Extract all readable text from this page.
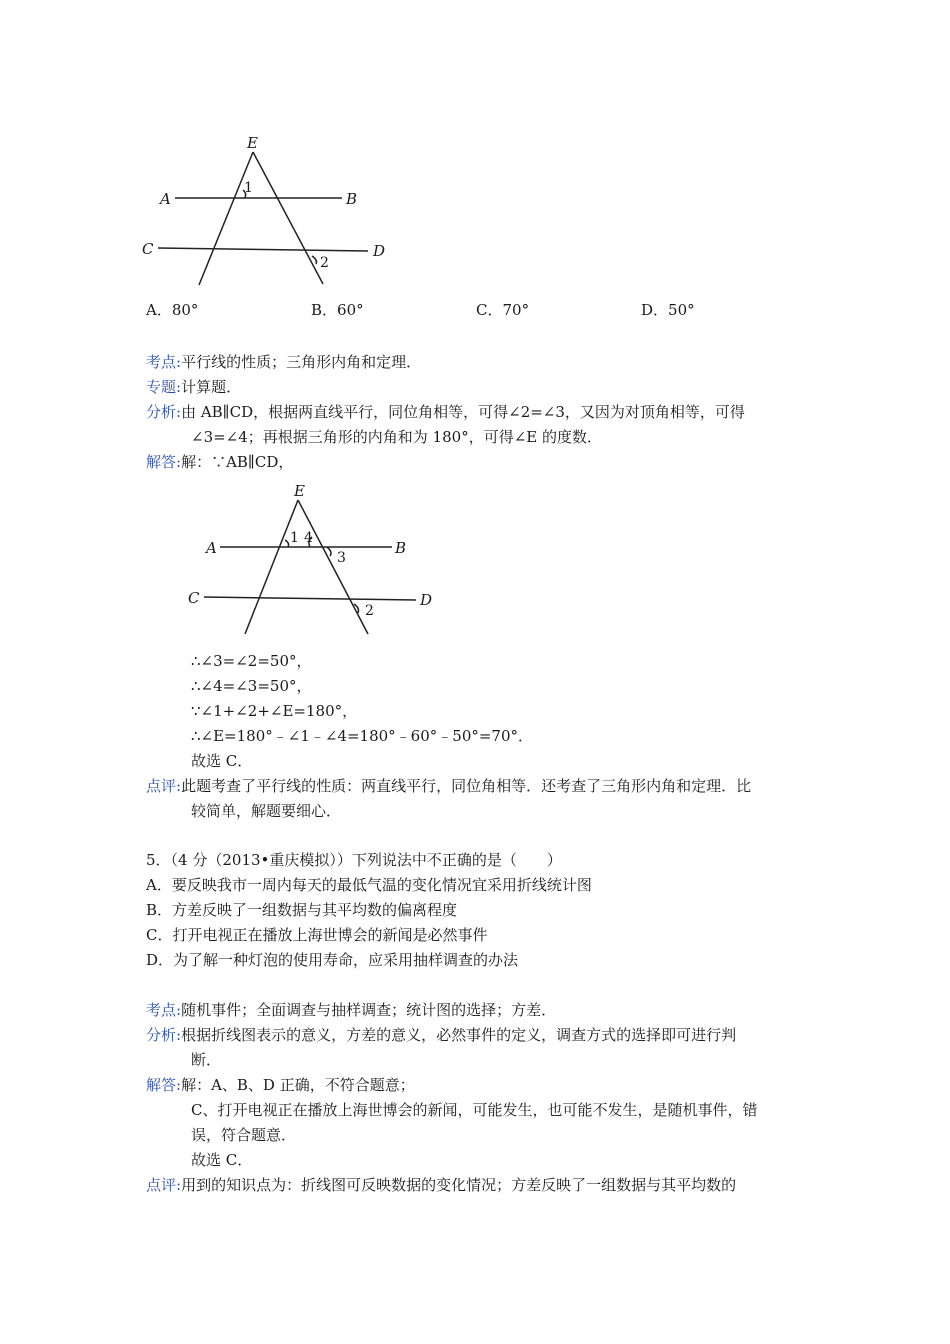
E
A	B
C	D
1
2
A．80°	B．60°	C．70°	D．50°
考点:平行线的性质；三角形内角和定理．
专题:计算题．
分析:由 AB∥CD，根据两直线平行，同位角相等，可得∠2=∠3，又因为对顶角相等，可得
∠3=∠4；再根据三角形的内角和为 180°，可得∠E 的度数．
解答:解：∵AB∥CD，
E
A	B
C	D
1 4
3
2
∴∠3=∠2=50°，
∴∠4=∠3=50°，
∵∠1+∠2+∠E=180°，
∴∠E=180°﹣∠1﹣∠4=180°﹣60°﹣50°=70°．
故选 C．
点评:此题考查了平行线的性质：两直线平行，同位角相等．还考查了三角形内角和定理．比
较简单，解题要细心．
5．（4 分（2013•重庆模拟））下列说法中不正确的是（　　）
A．要反映我市一周内每天的最低气温的变化情况宜采用折线统计图
B．方差反映了一组数据与其平均数的偏离程度
C．打开电视正在播放上海世博会的新闻是必然事件
D．为了解一种灯泡的使用寿命，应采用抽样调查的办法
考点:随机事件；全面调查与抽样调查；统计图的选择；方差．
分析:根据折线图表示的意义，方差的意义，必然事件的定义，调查方式的选择即可进行判
断．
解答:解：A、B、D 正确，不符合题意；
C、打开电视正在播放上海世博会的新闻，可能发生，也可能不发生，是随机事件，错
误，符合题意．
故选 C．
点评:用到的知识点为：折线图可反映数据的变化情况；方差反映了一组数据与其平均数的
